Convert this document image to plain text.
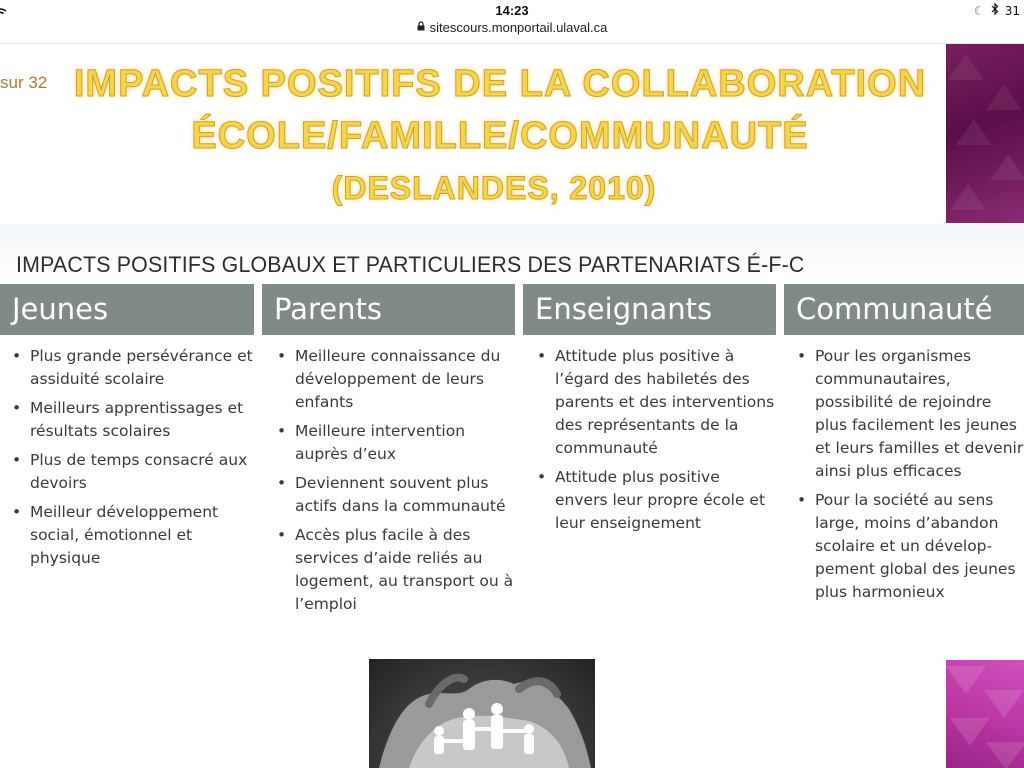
14:23	☾ 31
sitescours.monportail.ulaval.ca
sur 32 IMPACTS POSITIFS DE LA COLLABORATION
ÉCOLE/FAMILLE/COMMUNAUTÉ

(DESLANDES, 2010)
IMPACTS POSITIFS GLOBAUX ET PARTICULIERS DES PARTENARIATS É-F-C
Jeunes
• Plus grande persévérance et assiduité scolaire
• Meilleurs apprentissages et résultats scolaires
• Plus de temps consacré aux devoirs
• Meilleur développement social, émotionnel et physique
Parents
• Meilleure connaissance du développement de leurs enfants
• Meilleure intervention auprès d’eux
• Deviennent souvent plus actifs dans la communauté
• Accès plus facile à des services d’aide reliés au logement, au transport ou à l’emploi
Enseignants
• Attitude plus positive à l’égard des habiletés des parents et des interventions des représentants de la communauté
• Attitude plus positive envers leur propre école et leur enseignement
Communauté
• Pour les organismes communautaires, possibilité de rejoindre plus facilement les jeunes et leurs familles et devenir ainsi plus efficaces
• Pour la société au sens large, moins d’abandon scolaire et un dévelop-pement global des jeunes plus harmonieux
